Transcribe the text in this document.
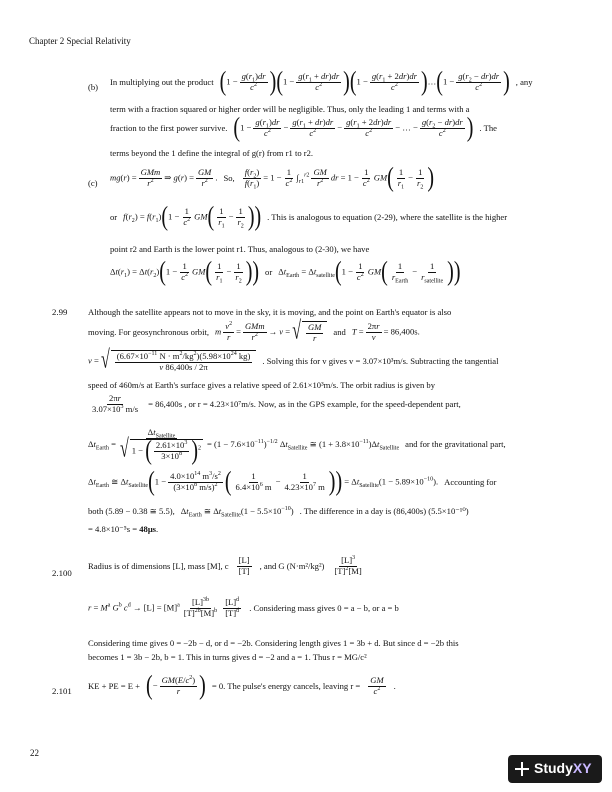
Chapter 2 Special Relativity
(b) In multiplying out the product $(1 - \frac{g(r_1)dr}{c^2} )(1 - \frac{g(r_1 + dr)dr}{c^2} )(1 - \frac{g(r_1 + 2dr)dr}{c^2}$ )…(1 − $\frac{g(r_2 - dr)dr}{c^2}$ ) , any
term with a fraction squared or higher order will be negligible. Thus, only the leading 1 and terms with a
fraction to the first power survive. ($1 - \frac{g(r_1)dr}{c^2} - \frac{g(r_1 + dr)dr}{c^2} - \frac{g(r_1 + 2dr)dr}{c^2}$ − … − $\frac{g(r_2 - dr)dr}{c^2}$ ) . The
terms beyond the 1 define the integral of g(r) from r1 to r2.
(c)
$mg(r) = \frac{\text{GMm}}{r^2}$ ⇒ $g(r) = \frac{GM}{r^2}$ . So, $\frac{f(r_2)}{f(r_1)} = 1 - \frac{1}{c^2} \int_{r1}^{r2} \frac{GM}{r^2}$ dr = $1 - \frac{1}{c^2} GM( \frac{1}{r_1} - \frac{1}{r_2}$ )
or $f(r_2) = f(r_1)(1 - \frac{1}{c^2} GM( \frac{1}{r_1} - \frac{1}{r_2}$ )) . This is analogous to equation (2-29), where the satellite is the higher
point r2 and Earth is the lower point r1. Thus, analogous to (2-30), we have
$\Delta t(r_1) = \Delta t(r_2)(1 - \frac{1}{c^2} GM( \frac{1}{r_1} - \frac{1}{r_2}$ )) or $\Delta t_{Earth} = \Delta t_{satellite}(1 - \frac{1}{c^2} GM( \frac{1}{r_{Earth}} - \frac{1}{r_{satellite}}$ ))
2.99 Although the satellite appears not to move in the sky, it is moving, and the point on Earth's equator is also
moving. For geosynchronous orbit, m $\frac{v^2}{r} = \frac{\text{GMm}}{r^2} \to v$ = √ $\frac{GM}{r}$ and $T = \frac{2\pi r}{v} = 86,400s$.
v = √ $\frac{(6.67\times 10^{-11} N \cdot m^2/kg^2)(5.98\times 10^{24} kg)}{v 86,400s / 2\pi}$ . Solving this for v gives v = 3.07×10³m/s. Subtracting the tangential
speed of 460m/s at Earth's surface gives a relative speed of 2.61×10³m/s. The orbit radius is given by
$\frac{2\pi r}{3.07\times 10^3 m/s} = 86,400s$ , or r = 4.23×10⁷m/s. Now, as in the GPS example, for the speed-dependent part,
$\Delta t_{Earth} = \frac{\Delta t_{Satellite}}{√ 1 - ( \frac{2.61\times 10^3}{3\times 10^8} )^2} = (1 - 7.6\times 10^{-11})^{-1/2}$ $\Delta t_{Satellite}$ ≅ $(1 + 3.8\times 10^{-11})\Delta t_{Satellite}$ and for the gravitational part,
$\Delta t_{Earth}$ ≅ $\Delta t_{Satellite}(1 - \frac{4.0\times 10^{14} m^3/s^2}{(3\times 10^8 m/s)^2}$ ( $\frac{1}{6.4\times 10^6 m} - \frac{1}{4.23\times 10^7 m}$ )) = $\Delta t_{Satellite}(1 - 5.89\times 10^{-10})$. Accounting for
both (5.89 − 0.38 ≅ 5.5), $\Delta t_{Earth}$ ≅ $\Delta t_{Satellite}(1 - 5.5\times 10^{-10})$ . The difference in a day is (86,400s) (5.5×10⁻¹⁰)
= 4.8×10⁻⁵s = 48μs.
2.100
Radius is of dimensions [L], mass [M], c $\frac{[L]}{[T]}$ , and G $(N\cdot m^2/kg^2) \frac{[L]^3}{[T]^2[M]}$
$r = M^a$ $G^b$ $c^d \to [L] = [M]^a \frac{[L]^{3b}}{[T]^{2b}[M]^b} \frac{[L]^d}{[T]^d}$ . Considering mass gives 0 = a − b, or a = b
Considering time gives 0 = −2b − d, or d = −2b. Considering length gives 1 = 3b + d. But since d = −2b this
becomes 1 = 3b − 2b, b = 1. This in turns gives d = −2 and a = 1. Thus r = MG/c²
2.101 KE + PE = E + (− $\frac{GM(E/c^2)}{r}$ ) = 0. The pulse's energy cancels, leaving $r = \frac{GM}{c^2}$ .
22
Study XY
